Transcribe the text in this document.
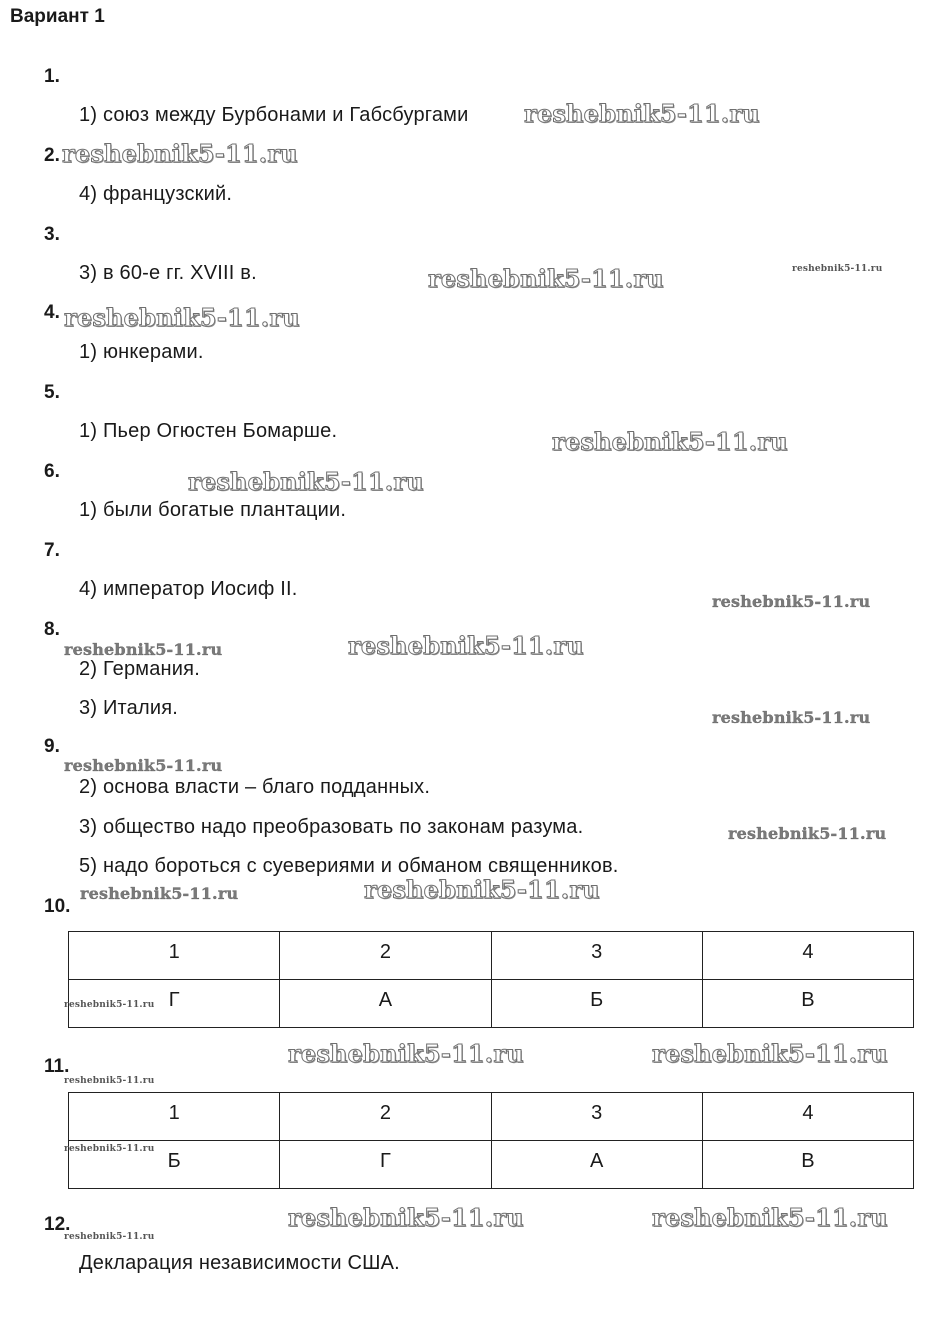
Вариант 1
1.
1) союз между Бурбонами и Габсбургами
2.
4) французский.
3.
3) в 60-е гг. XVIII в.
4.
1) юнкерами.
5.
1) Пьер Огюстен Бомарше.
6.
1) были богатые плантации.
7.
4) император Иосиф II.
8.
2) Германия.
3) Италия.
9.
2) основа власти – благо подданных.
3) общество надо преобразовать по законам разума.
5) надо бороться с суевериями и обманом священников.
10.
1	2	3	4
Г	А	Б	В
11.
1	2	3	4
Б	Г	А	В
12.
Декларация независимости США.
reshebnik5-11.ru
reshebnik5-11.ru
reshebnik5-11.ru	reshebnik5-11.ru
reshebnik5-11.ru
reshebnik5-11.ru
reshebnik5-11.ru
reshebnik5-11.ru
reshebnik5-11.ru
reshebnik5-11.ru
reshebnik5-11.ru
reshebnik5-11.ru
reshebnik5-11.ru
reshebnik5-11.ru
reshebnik5-11.ru
reshebnik5-11.ru
reshebnik5-11.ru	reshebnik5-11.ru
reshebnik5-11.ru
reshebnik5-11.ru
reshebnik5-11.ru	reshebnik5-11.ru
reshebnik5-11.ru
